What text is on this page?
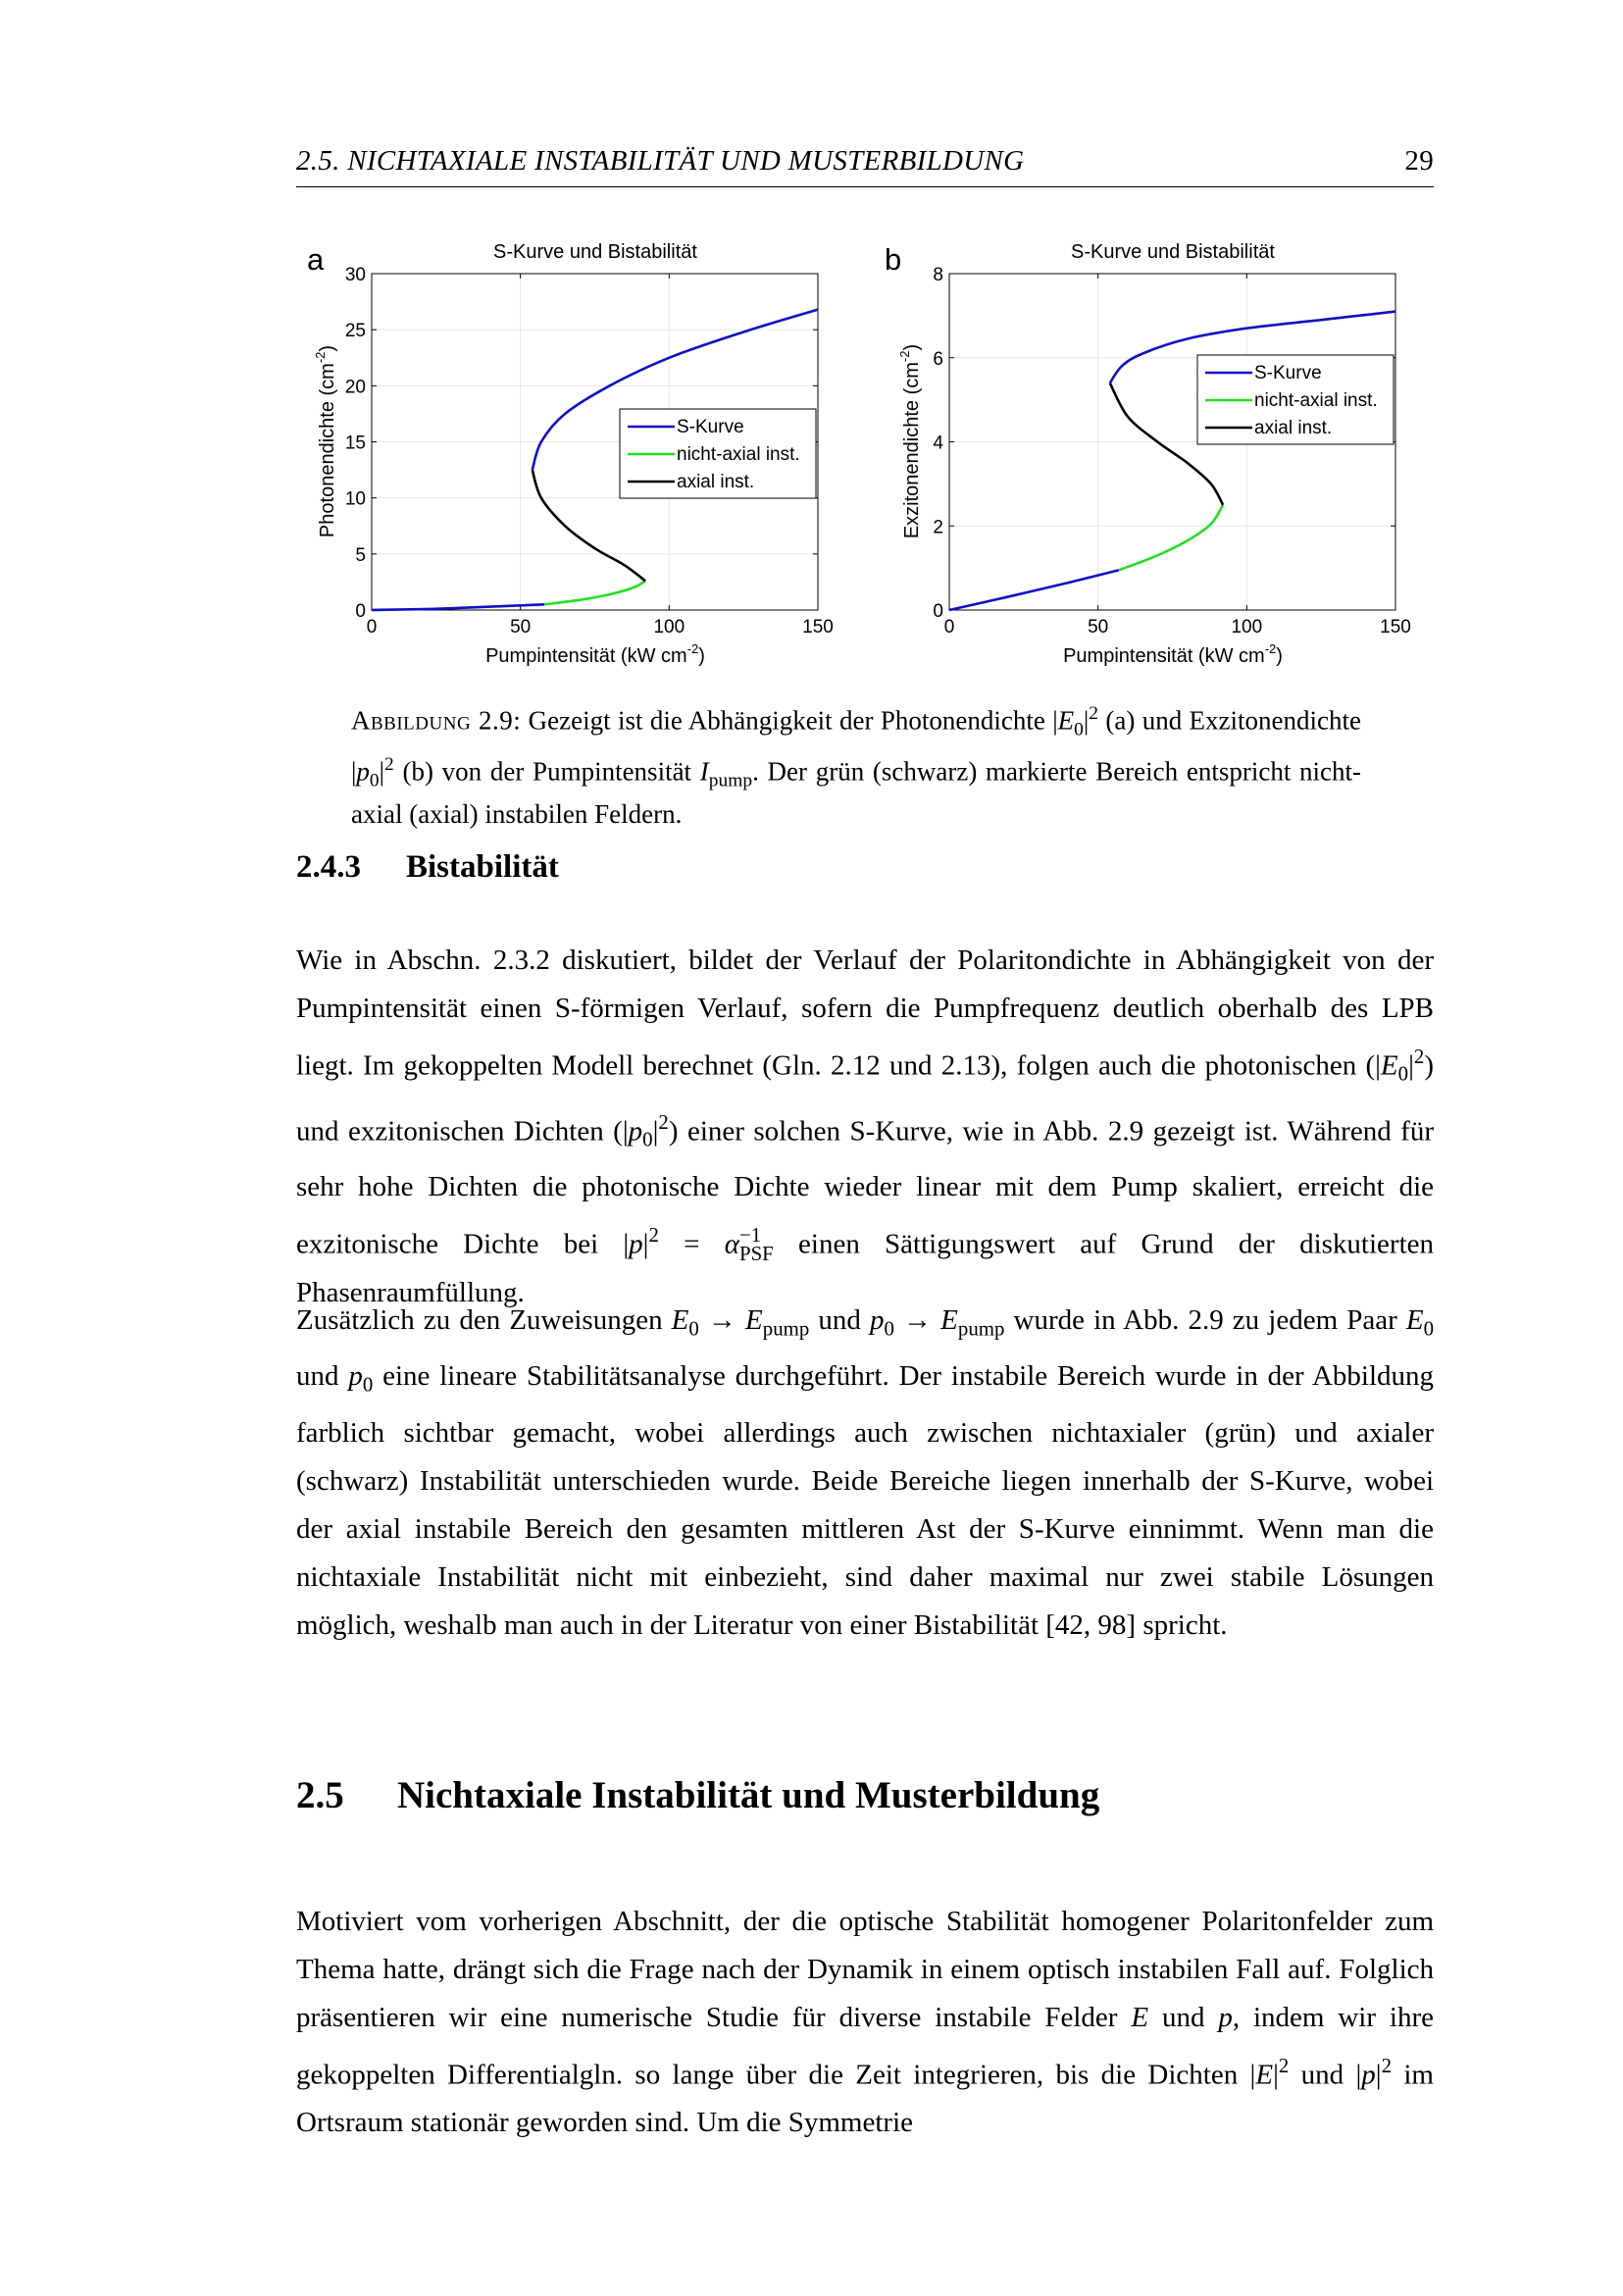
2.5. NICHTAXIALE INSTABILITÄT UND MUSTERBILDUNG	29
a	S-Kurve und Bistabilität
0
5
10
15
20
25
30
0	50	100	150
Pumpintensität (kW $cm^{-2}$)
Photonendichte $(cm^{-2})$
S-Kurve
nicht-axial inst.
axial inst.
b	S-Kurve und Bistabilität
0
2
4
6
8
0	50	100	150
Pumpintensität (kW $cm^{-2}$)
Exzitonendichte $(cm^{-2})$
S-Kurve
nicht-axial inst.
axial inst.
Abbildung 2.9: Gezeigt ist die Abhängigkeit der Photonendichte $|E_0|^2$ (a) und Exzitonendichte $|p_0|^2$ (b) von der Pumpintensität $I_{pump}$. Der grün (schwarz) markierte Bereich entspricht nicht-axial (axial) instabilen Feldern.
2.4.3 Bistabilität
Wie in Abschn. 2.3.2 diskutiert, bildet der Verlauf der Polaritondichte in Abhängigkeit von der Pumpintensität einen S-förmigen Verlauf, sofern die Pumpfrequenz deutlich oberhalb des LPB liegt. Im gekoppelten Modell berechnet (Gln. 2.12 und 2.13), folgen auch die photonischen $(|E_0|^2)$ und exzitonischen Dichten $(|p_0|^2)$ einer solchen S-Kurve, wie in Abb. 2.9 gezeigt ist. Während für sehr hohe Dichten die photonische Dichte wieder linear mit dem Pump skaliert, erreicht die exzitonische Dichte bei $|p|^2 = \alpha -1$
PSF einen Sättigungswert auf Grund der diskutierten Phasenraumfüllung.
Zusätzlich zu den Zuweisungen $E_0 \to E_{pump}$ und $p_0 \to E_{pump}$ wurde in Abb. 2.9 zu jedem Paar $E_0$ und $p_0$ eine lineare Stabilitätsanalyse durchgeführt. Der instabile Bereich wurde in der Abbildung farblich sichtbar gemacht, wobei allerdings auch zwischen nichtaxialer (grün) und axialer (schwarz) Instabilität unterschieden wurde. Beide Bereiche liegen innerhalb der S-Kurve, wobei der axial instabile Bereich den gesamten mittleren Ast der S-Kurve einnimmt. Wenn man die nichtaxiale Instabilität nicht mit einbezieht, sind daher maximal nur zwei stabile Lösungen möglich, weshalb man auch in der Literatur von einer Bistabilität [42, 98] spricht.
2.5 Nichtaxiale Instabilität und Musterbildung
Motiviert vom vorherigen Abschnitt, der die optische Stabilität homogener Polaritonfelder zum Thema hatte, drängt sich die Frage nach der Dynamik in einem optisch instabilen Fall auf. Folglich präsentieren wir eine numerische Studie für diverse instabile Felder E und p, indem wir ihre gekoppelten Differentialgln. so lange über die Zeit integrieren, bis die Dichten $|E|^2$ und $|p|^2$ im Ortsraum stationär geworden sind. Um die Symmetrie
